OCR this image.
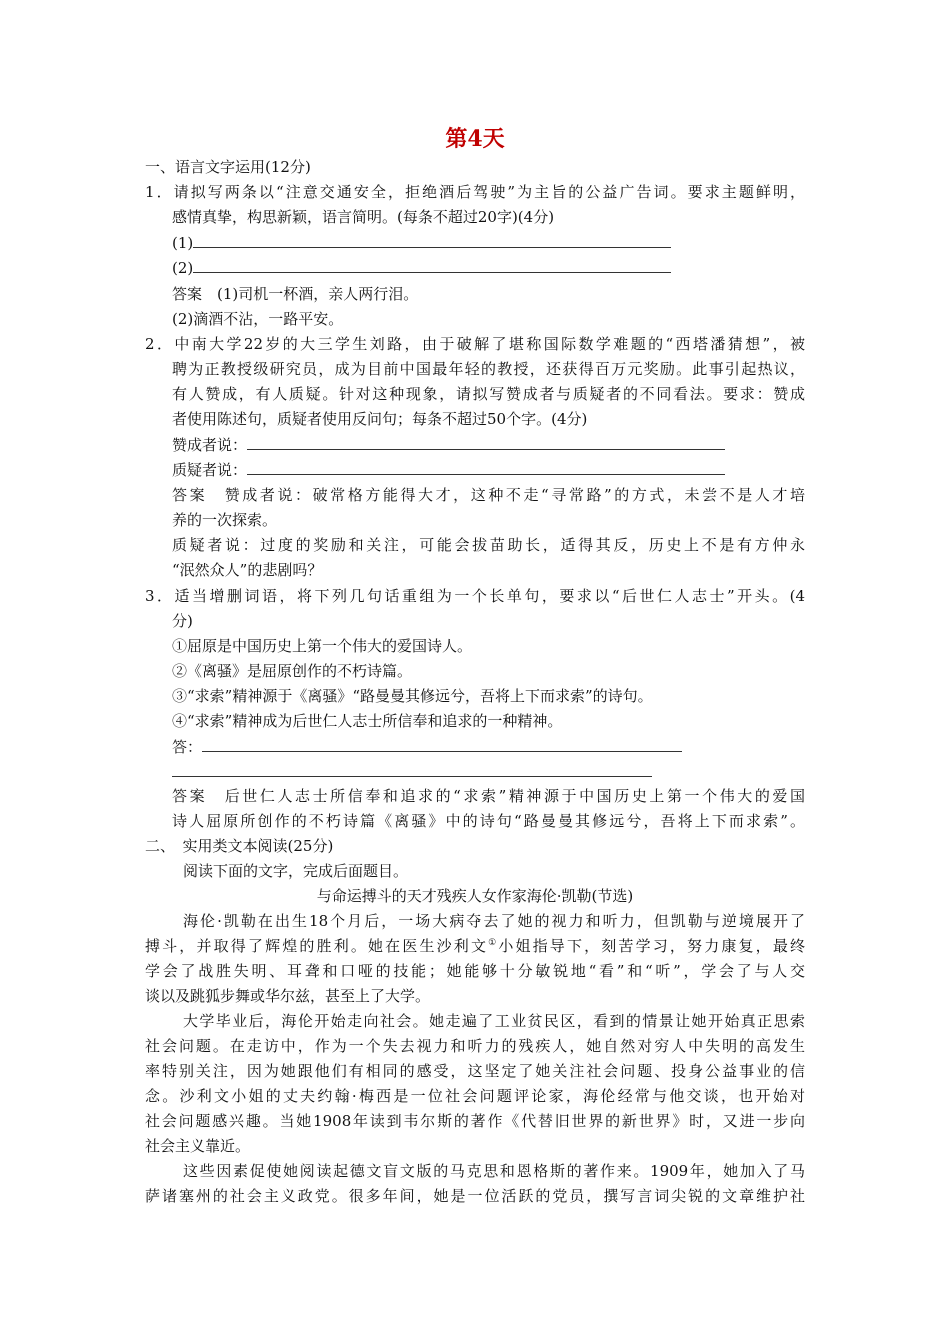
第4天
一、语言文字运用(12分)
1．请拟写两条以“注意交通安全，拒绝酒后驾驶”为主旨的公益广告词。要求主题鲜明，
感情真挚，构思新颖，语言简明。(每条不超过20字)(4分)
(1)
(2)
答案　(1)司机一杯酒，亲人两行泪。
(2)滴酒不沾，一路平安。
2．中南大学22岁的大三学生刘路，由于破解了堪称国际数学难题的“西塔潘猜想”，被
聘为正教授级研究员，成为目前中国最年轻的教授，还获得百万元奖励。此事引起热议，
有人赞成，有人质疑。针对这种现象，请拟写赞成者与质疑者的不同看法。要求：赞成
者使用陈述句，质疑者使用反问句；每条不超过50个字。(4分)
赞成者说：
质疑者说：
答案　赞成者说：破常格方能得大才，这种不走“寻常路”的方式，未尝不是人才培
养的一次探索。
质疑者说：过度的奖励和关注，可能会拔苗助长，适得其反，历史上不是有方仲永
“泯然众人”的悲剧吗？
3．适当增删词语，将下列几句话重组为一个长单句，要求以“后世仁人志士”开头。(4
分)
①屈原是中国历史上第一个伟大的爱国诗人。
②《离骚》是屈原创作的不朽诗篇。
③“求索”精神源于《离骚》“路曼曼其修远兮，吾将上下而求索”的诗句。
④“求索”精神成为后世仁人志士所信奉和追求的一种精神。
答：
答案　后世仁人志士所信奉和追求的“求索”精神源于中国历史上第一个伟大的爱国
诗人屈原所创作的不朽诗篇《离骚》中的诗句“路曼曼其修远兮，吾将上下而求索”。
二、　实用类文本阅读(25分)
阅读下面的文字，完成后面题目。
与命运搏斗的天才残疾人女作家海伦·凯勒(节选)
海伦·凯勒在出生18个月后，一场大病夺去了她的视力和听力，但凯勒与逆境展开了
搏斗，并取得了辉煌的胜利。她在医生沙利文①小姐指导下，刻苦学习，努力康复，最终
学会了战胜失明、耳聋和口哑的技能；她能够十分敏锐地“看”和“听”，学会了与人交
谈以及跳狐步舞或华尔兹，甚至上了大学。
大学毕业后，海伦开始走向社会。她走遍了工业贫民区，看到的情景让她开始真正思索
社会问题。在走访中，作为一个失去视力和听力的残疾人，她自然对穷人中失明的高发生
率特别关注，因为她跟他们有相同的感受，这坚定了她关注社会问题、投身公益事业的信
念。沙利文小姐的丈夫约翰·梅西是一位社会问题评论家，海伦经常与他交谈，也开始对
社会问题感兴趣。当她1908年读到韦尔斯的著作《代替旧世界的新世界》时，又进一步向
社会主义靠近。
这些因素促使她阅读起德文盲文版的马克思和恩格斯的著作来。1909年，她加入了马
萨诸塞州的社会主义政党。很多年间，她是一位活跃的党员，撰写言词尖锐的文章维护社
